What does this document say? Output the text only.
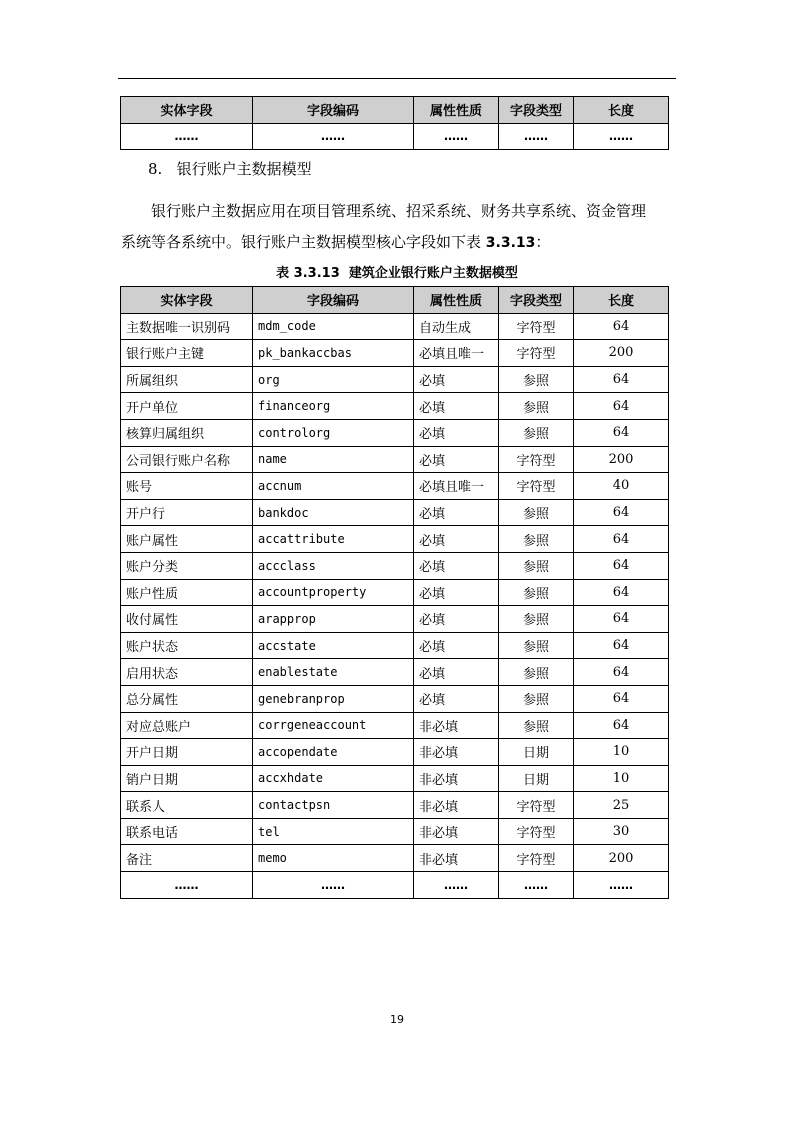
实体字段	字段编码	属性性质	字段类型	长度
……	……	……	……	……
8. 银行账户主数据模型
银行账户主数据应用在项目管理系统、招采系统、财务共享系统、资金管理
系统等各系统中。银行账户主数据模型核心字段如下表 3.3.13：
表 3.3.13 建筑企业银行账户主数据模型
实体字段	字段编码	属性性质	字段类型	长度
主数据唯一识别码	mdm_code	自动生成	字符型	64
银行账户主键	pk_bankaccbas	必填且唯一	字符型	200
所属组织	org	必填	参照	64
开户单位	financeorg	必填	参照	64
核算归属组织	controlorg	必填	参照	64
公司银行账户名称	name	必填	字符型	200
账号	accnum	必填且唯一	字符型	40
开户行	bankdoc	必填	参照	64
账户属性	accattribute	必填	参照	64
账户分类	accclass	必填	参照	64
账户性质	accountproperty	必填	参照	64
收付属性	arapprop	必填	参照	64
账户状态	accstate	必填	参照	64
启用状态	enablestate	必填	参照	64
总分属性	genebranprop	必填	参照	64
对应总账户	corrgeneaccount	非必填	参照	64
开户日期	accopendate	非必填	日期	10
销户日期	accxhdate	非必填	日期	10
联系人	contactpsn	非必填	字符型	25
联系电话	tel	非必填	字符型	30
备注	memo	非必填	字符型	200
……	……	……	……	……
19
